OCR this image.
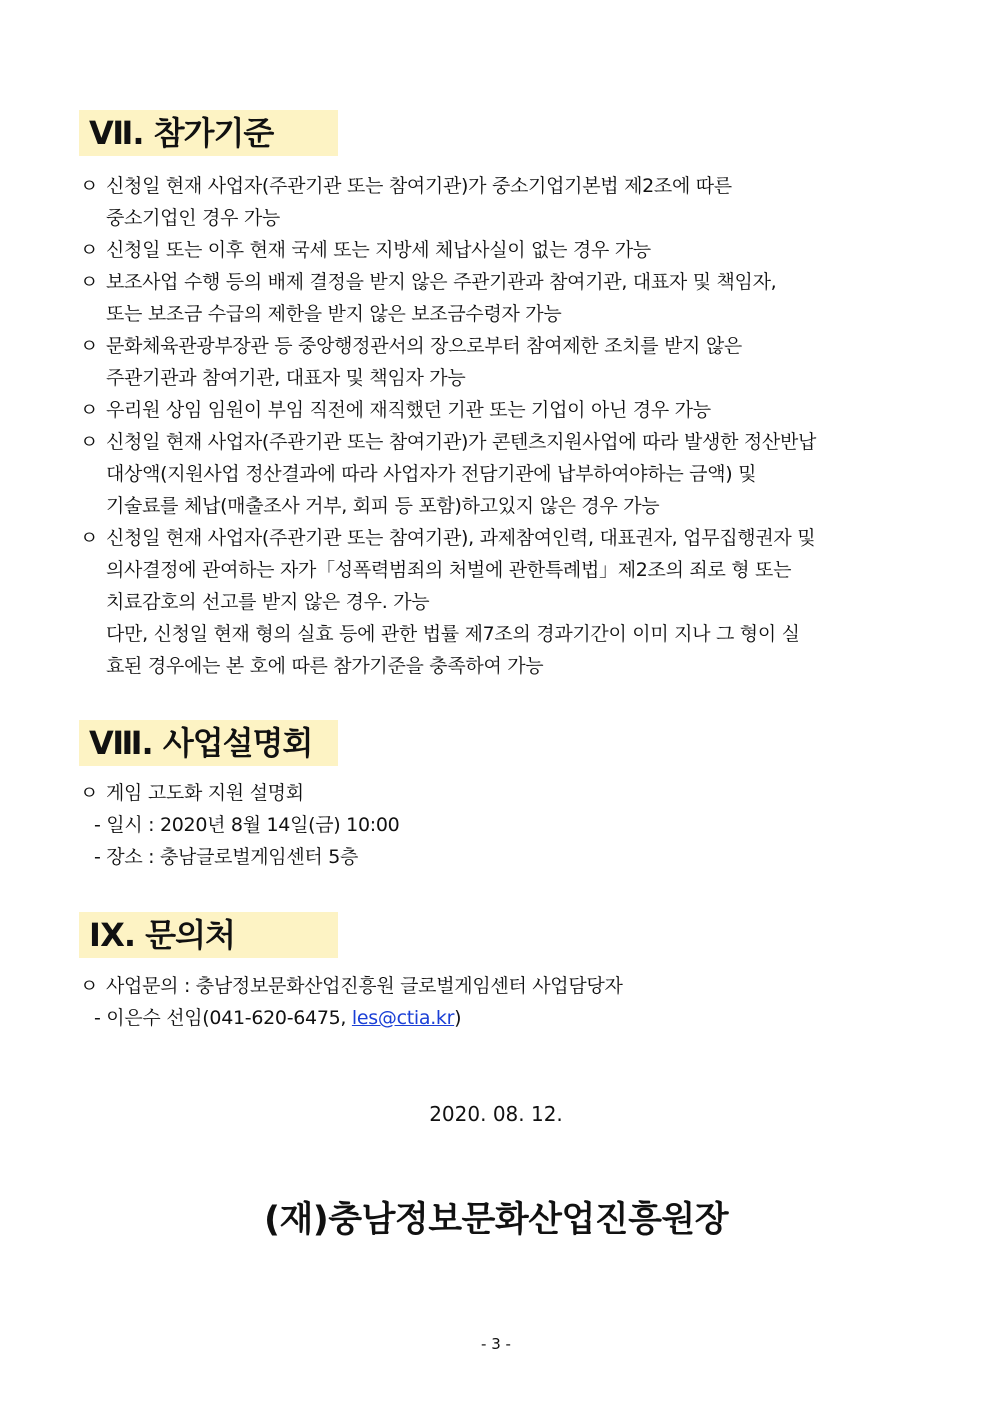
Ⅶ. 참가기준
ㅇ 신청일 현재 사업자(주관기관 또는 참여기관)가 중소기업기본법 제2조에 따른
중소기업인 경우 가능
ㅇ 신청일 또는 이후 현재 국세 또는 지방세 체납사실이 없는 경우 가능
ㅇ 보조사업 수행 등의 배제 결정을 받지 않은 주관기관과 참여기관, 대표자 및 책임자,
또는 보조금 수급의 제한을 받지 않은 보조금수령자 가능
ㅇ 문화체육관광부장관 등 중앙행정관서의 장으로부터 참여제한 조치를 받지 않은
주관기관과 참여기관, 대표자 및 책임자 가능
ㅇ 우리원 상임 임원이 부임 직전에 재직했던 기관 또는 기업이 아닌 경우 가능
ㅇ 신청일 현재 사업자(주관기관 또는 참여기관)가 콘텐츠지원사업에 따라 발생한 정산반납
대상액(지원사업 정산결과에 따라 사업자가 전담기관에 납부하여야하는 금액) 및
기술료를 체납(매출조사 거부, 회피 등 포함)하고있지 않은 경우 가능
ㅇ 신청일 현재 사업자(주관기관 또는 참여기관), 과제참여인력, 대표권자, 업무집행권자 및
의사결정에 관여하는 자가「성폭력범죄의 처벌에 관한특례법」제2조의 죄로 형 또는
치료감호의 선고를 받지 않은 경우. 가능
다만, 신청일 현재 형의 실효 등에 관한 법률 제7조의 경과기간이 이미 지나 그 형이 실
효된 경우에는 본 호에 따른 참가기준을 충족하여 가능
Ⅷ. 사업설명회
ㅇ 게임 고도화 지원 설명회
- 일시 : 2020년 8월 14일(금) 10:00
- 장소 : 충남글로벌게임센터 5층
Ⅸ. 문의처
ㅇ 사업문의 : 충남정보문화산업진흥원 글로벌게임센터 사업담당자
- 이은수 선임(041-620-6475, les@ctia.kr)
2020. 08. 12.
(재)충남정보문화산업진흥원장
- 3 -
